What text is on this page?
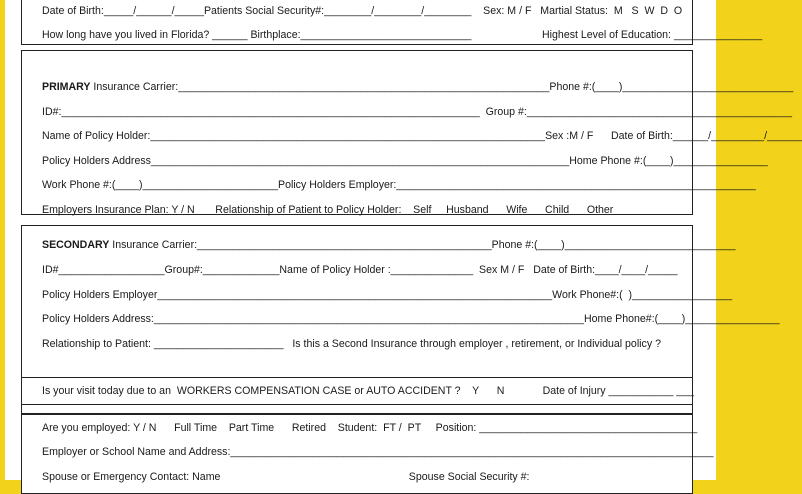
Date of Birth:_____/______/_____Patients Social Security#:________/________/________    Sex: M / F   Martial Status:  M   S  W  D  O
How long have you lived in Florida? ______ Birthplace:_____________________________                        Highest Level of Education: _______________
PRIMARY Insurance Carrier:_______________________________________________________________Phone #:(____)_____________________________
ID#:_______________________________________________________________________  Group #:_____________________________________________
Name of Policy Holder:___________________________________________________________________Sex :M / F      Date of Birth:______/_________/______
Policy Holders Address_______________________________________________________________________Home Phone #:(____)________________
Work Phone #:(____)_______________________Policy Holders Employer:_____________________________________________________________
Employers Insurance Plan: Y / N       Relationship of Patient to Policy Holder:    Self     Husband      Wife      Child      Other
SECONDARY Insurance Carrier:__________________________________________________Phone #:(____)_____________________________
ID#__________________Group#:_____________Name of Policy Holder :______________  Sex M / F   Date of Birth:____/____/_____
Policy Holders Employer___________________________________________________________________Work Phone#:(  )_________________
Policy Holders Address:_________________________________________________________________________Home Phone#:(____)________________
Relationship to Patient: ______________________   Is this a Second Insurance through employer , retirement, or Individual policy ?
Is your visit today due to an  WORKERS COMPENSATION CASE or AUTO ACCIDENT ?    Y      N             Date of Injury ___________ ___
Are you employed: Y / N      Full Time    Part Time      Retired    Student:  FT /  PT     Position: _____________________________________
Employer or School Name and Address:__________________________________________________________________________________
Spouse or Emergency Contact: Name                                                                Spouse Social Security #:
